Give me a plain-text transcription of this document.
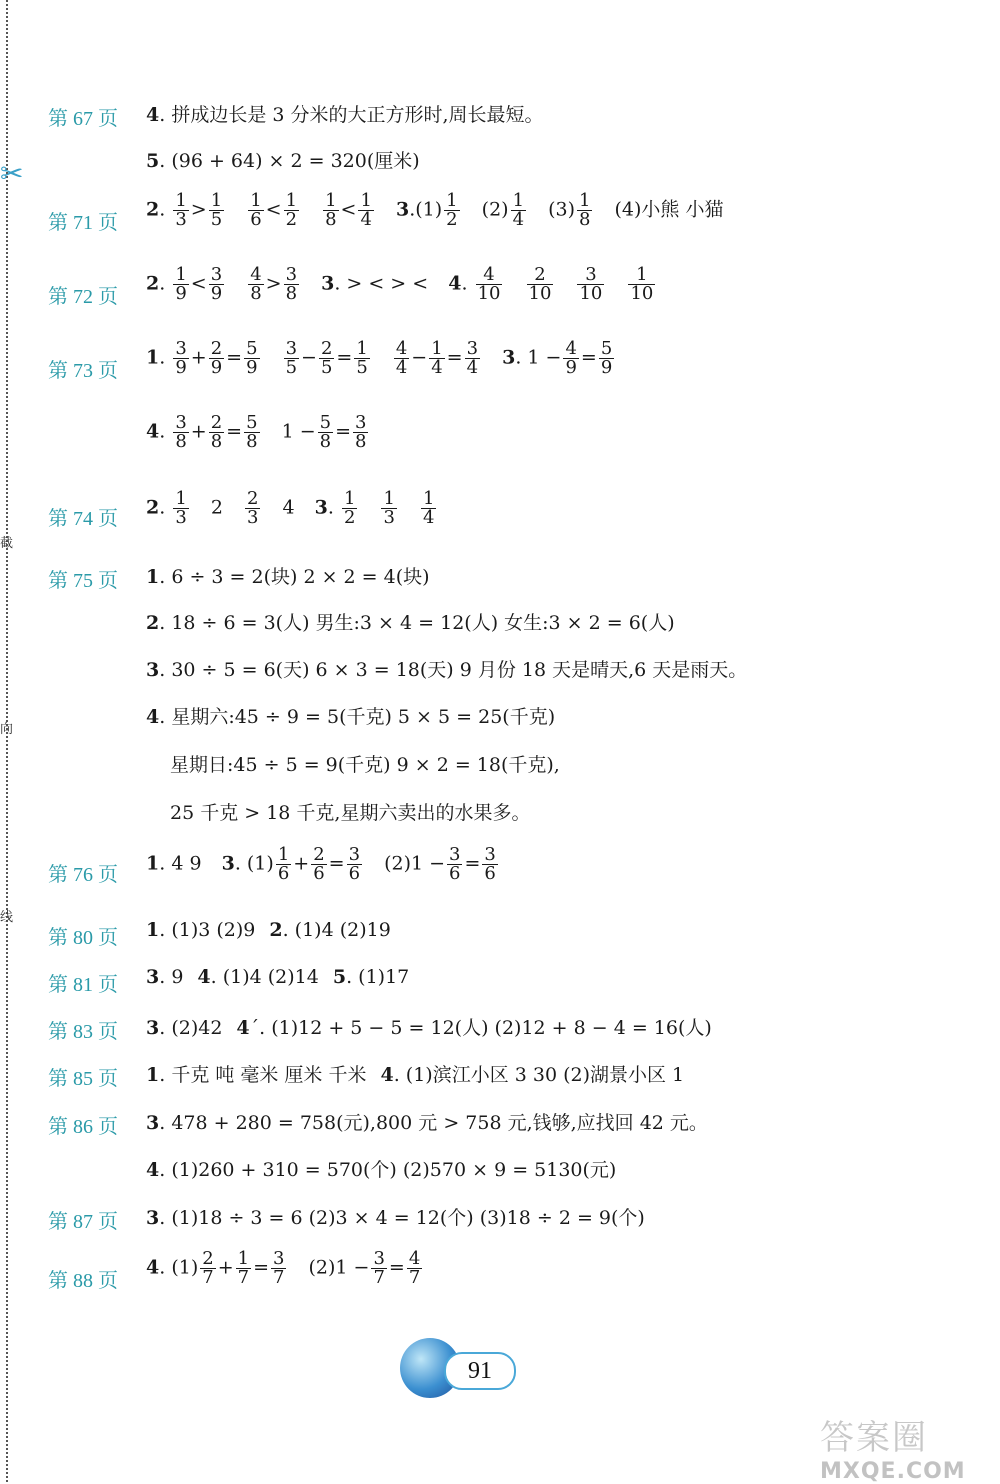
✂
截
向
线
第 67 页 4. 拼成边长是 3 分米的大正方形时,周长最短。
5. (96 + 64) × 2 = 320(厘米)
第 71 页
2. $\frac{1}{3} > \frac{1}{5}$
$\frac{1}{6} < \frac{1}{2}$
$\frac{1}{8} < \frac{1}{4} 3.(1) \frac{1}{2} (2) \frac{1}{4} (3) \frac{1}{8} (4)$小熊 小猫
第 72 页
2. $\frac{1}{9} < \frac{3}{9}$
$\frac{4}{8} > \frac{3}{8} 3$. > < > < 4. $\frac{4}{10}$
$\frac{2}{10}$
$\frac{3}{10}$
$\frac{1}{10}$
第 73 页
1. $\frac{3}{9} + \frac{2}{9} = \frac{5}{9}$
$\frac{3}{5} - \frac{2}{5} = \frac{1}{5}$
$\frac{4}{4} - \frac{1}{4} = \frac{3}{4} 3$. $1 - \frac{4}{9} = \frac{5}{9}$
4. $\frac{3}{8} + \frac{2}{8} = \frac{5}{8} 1 - \frac{5}{8} = \frac{3}{8}$
第 74 页
2. $\frac{1}{3} 2 \frac{2}{3} 4$ 3. $\frac{1}{2}$
$\frac{1}{3}$
$\frac{1}{4}$
第 75 页 1. 6 ÷ 3 = 2(块) 2 × 2 = 4(块)
2. 18 ÷ 6 = 3(人) 男生:3 × 4 = 12(人) 女生:3 × 2 = 6(人)
3. 30 ÷ 5 = 6(天) 6 × 3 = 18(天) 9 月份 18 天是晴天,6 天是雨天。
4. 星期六:45 ÷ 9 = 5(千克) 5 × 5 = 25(千克)
星期日:45 ÷ 5 = 9(千克) 9 × 2 = 18(千克),
25 千克 > 18 千克,星期六卖出的水果多。
第 76 页
1. 4 9 3. $(1) \frac{1}{6} + \frac{2}{6} = \frac{3}{6} (2)1 - \frac{3}{6} = \frac{3}{6}$
第 80 页 1. (1)3 (2)9 2. (1)4 (2)19
第 81 页 3. 9 4. (1)4 (2)14 5. (1)17
第 83 页 3. (2)42 4ˊ. (1)12 + 5 − 5 = 12(人) (2)12 + 8 − 4 = 16(人)
第 85 页 1. 千克 吨 毫米 厘米 千米 4. (1)滨江小区 3 30 (2)湖景小区 1
第 86 页 3. 478 + 280 = 758(元),800 元 > 758 元,钱够,应找回 42 元。
4. (1)260 + 310 = 570(个) (2)570 × 9 = 5130(元)
第 87 页 3. (1)18 ÷ 3 = 6 (2)3 × 4 = 12(个) (3)18 ÷ 2 = 9(个)
第 88 页
4. $(1) \frac{2}{7} + \frac{1}{7} = \frac{3}{7} (2)1 - \frac{3}{7} = \frac{4}{7}$
91
答案圈
MXQE.COM
